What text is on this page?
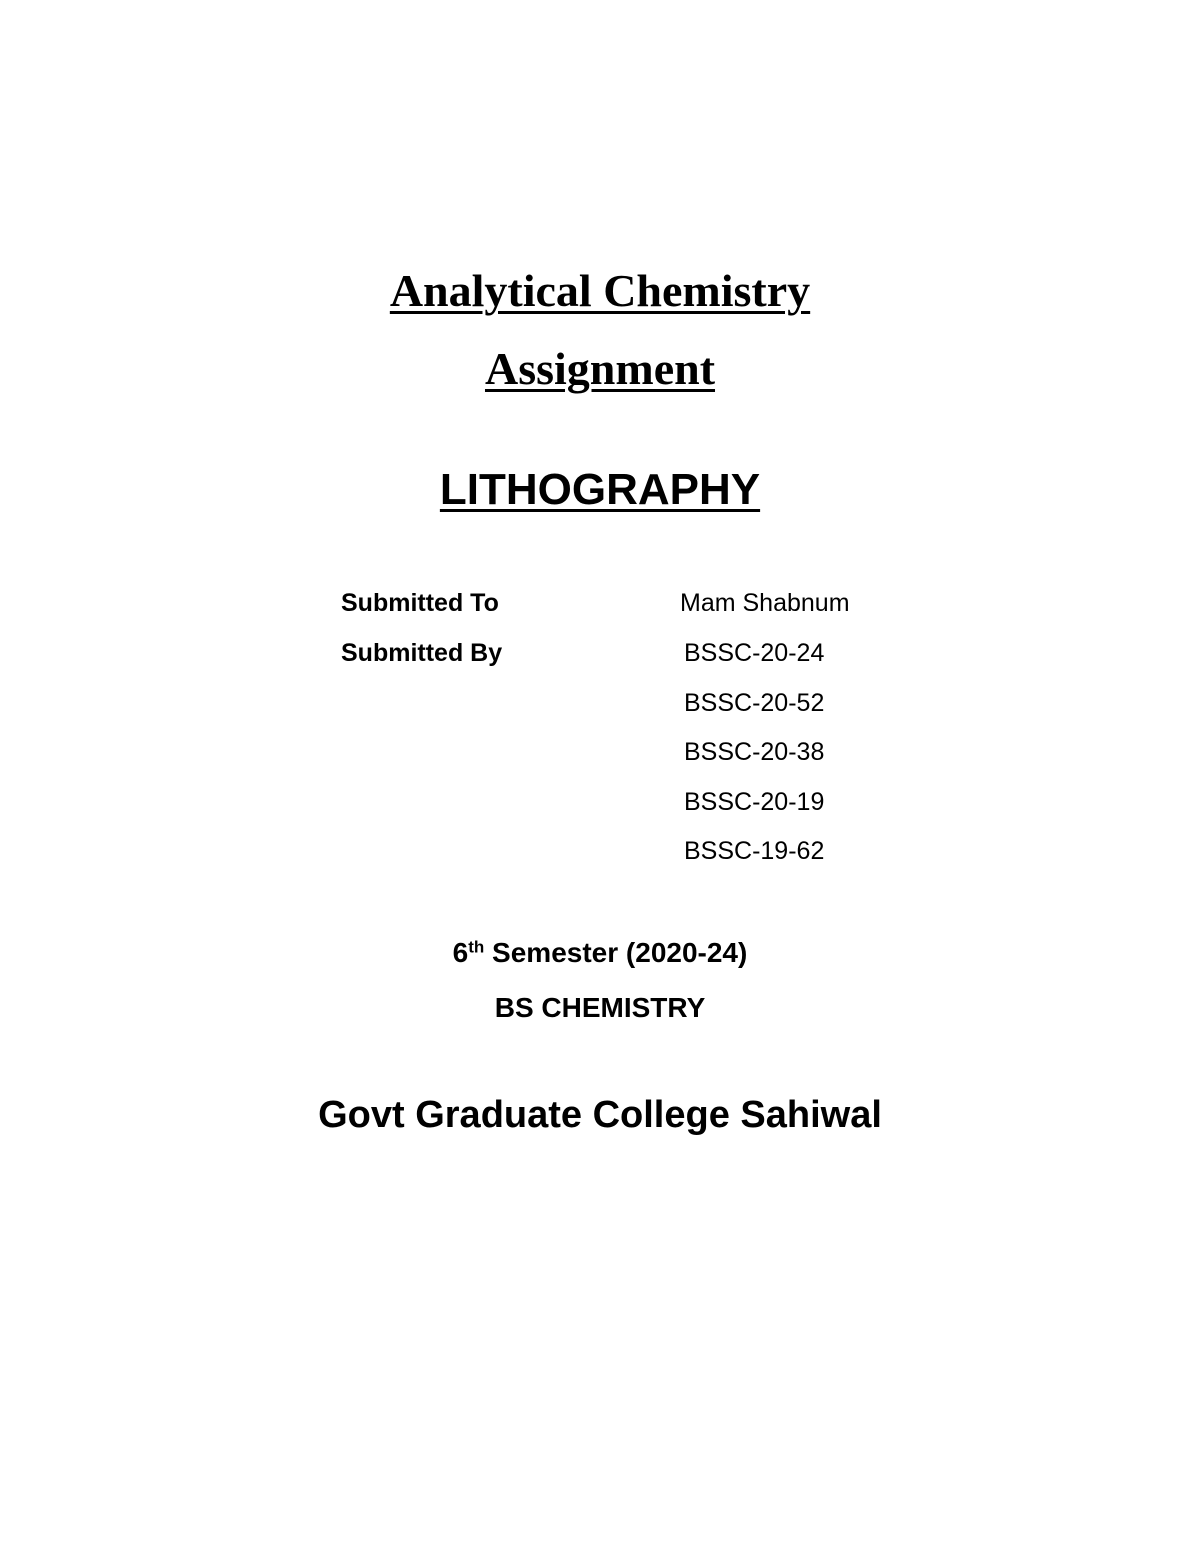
Analytical Chemistry
Assignment
LITHOGRAPHY
Submitted To	Mam Shabnum
Submitted By	BSSC-20-24
BSSC-20-52
BSSC-20-38
BSSC-20-19
BSSC-19-62
6th Semester (2020-24)
BS CHEMISTRY
Govt Graduate College Sahiwal
